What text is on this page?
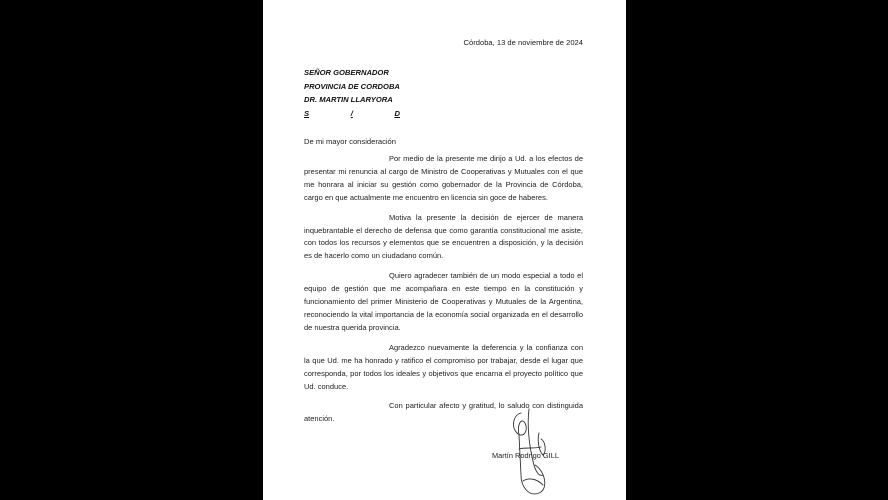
Córdoba, 13 de noviembre de 2024
SEÑOR GOBERNADOR
PROVINCIA DE CORDOBA
DR. MARTIN LLARYORA
S	/	D
De mi mayor consideración

Por medio de la presente me dirijo a Ud. a los efectos de presentar mi renuncia al cargo de Ministro de Cooperativas y Mutuales con el que me honrara al iniciar su gestión como gobernador de la Provincia de Córdoba, cargo en que actualmente me encuentro en licencia sin goce de haberes.

Motiva la presente la decisión de ejercer de manera inquebrantable el derecho de defensa que como garantía constitucional me asiste, con todos los recursos y elementos que se encuentren a disposición, y la decisión es de hacerlo como un ciudadano común.

Quiero agradecer también de un modo especial a todo el equipo de gestión que me acompañara en este tiempo en la constitución y funcionamiento del primer Ministerio de Cooperativas y Mutuales de la Argentina, reconociendo la vital importancia de la economía social organizada en el desarrollo de nuestra querida provincia.

Agradezco nuevamente la deferencia y la confianza con la que Ud. me ha honrado y ratifico el compromiso por trabajar, desde el lugar que corresponda, por todos los ideales y objetivos que encarna el proyecto político que Ud. conduce.

Con particular afecto y gratitud, lo saludo con distinguida atención.

Martín Rodrigo GILL
